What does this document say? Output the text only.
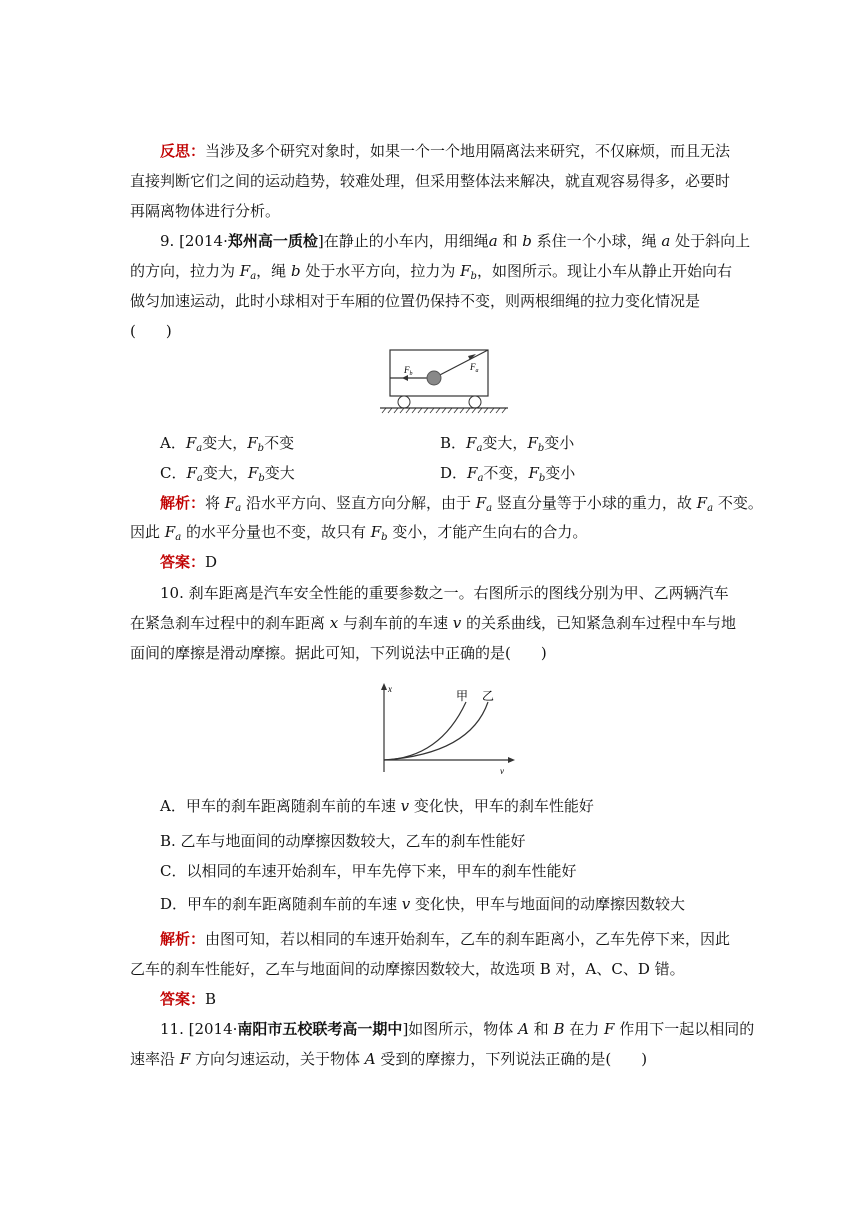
反思：当涉及多个研究对象时，如果一个一个地用隔离法来研究，不仅麻烦，而且无法
直接判断它们之间的运动趋势，较难处理，但采用整体法来解决，就直观容易得多，必要时
再隔离物体进行分析。
9. [2014·郑州高一质检]在静止的小车内，用细绳a 和 b 系住一个小球，绳 a 处于斜向上
的方向，拉力为 $F_a$，绳 b 处于水平方向，拉力为 $F_b$，如图所示。现让小车从静止开始向右
做匀加速运动，此时小球相对于车厢的位置仍保持不变，则两根细绳的拉力变化情况是
(　　)
$F_b$
$F_a$
A．$F_a$变大，$F_b$不变	B．$F_a$变大，$F_b$变小
C．$F_a$变大，$F_b$变大	D．$F_a$不变，$F_b$变小
解析：将 $F_a$ 沿水平方向、竖直方向分解，由于 $F_a$ 竖直分量等于小球的重力，故 $F_a$ 不变。
因此 $F_a$ 的水平分量也不变，故只有 $F_b$ 变小，才能产生向右的合力。
答案：D
10. 刹车距离是汽车安全性能的重要参数之一。右图所示的图线分别为甲、乙两辆汽车
在紧急刹车过程中的刹车距离 x 与刹车前的车速 v 的关系曲线，已知紧急刹车过程中车与地
面间的摩擦是滑动摩擦。据此可知，下列说法中正确的是(　　)
x
v
甲 乙
A．甲车的刹车距离随刹车前的车速 v 变化快，甲车的刹车性能好
B. 乙车与地面间的动摩擦因数较大，乙车的刹车性能好
C．以相同的车速开始刹车，甲车先停下来，甲车的刹车性能好
D．甲车的刹车距离随刹车前的车速 v 变化快，甲车与地面间的动摩擦因数较大
解析：由图可知，若以相同的车速开始刹车，乙车的刹车距离小，乙车先停下来，因此
乙车的刹车性能好，乙车与地面间的动摩擦因数较大，故选项 B 对，A、C、D 错。
答案：B
11. [2014·南阳市五校联考高一期中]如图所示，物体 A 和 B 在力 F 作用下一起以相同的
速率沿 F 方向匀速运动，关于物体 A 受到的摩擦力，下列说法正确的是(　　)
